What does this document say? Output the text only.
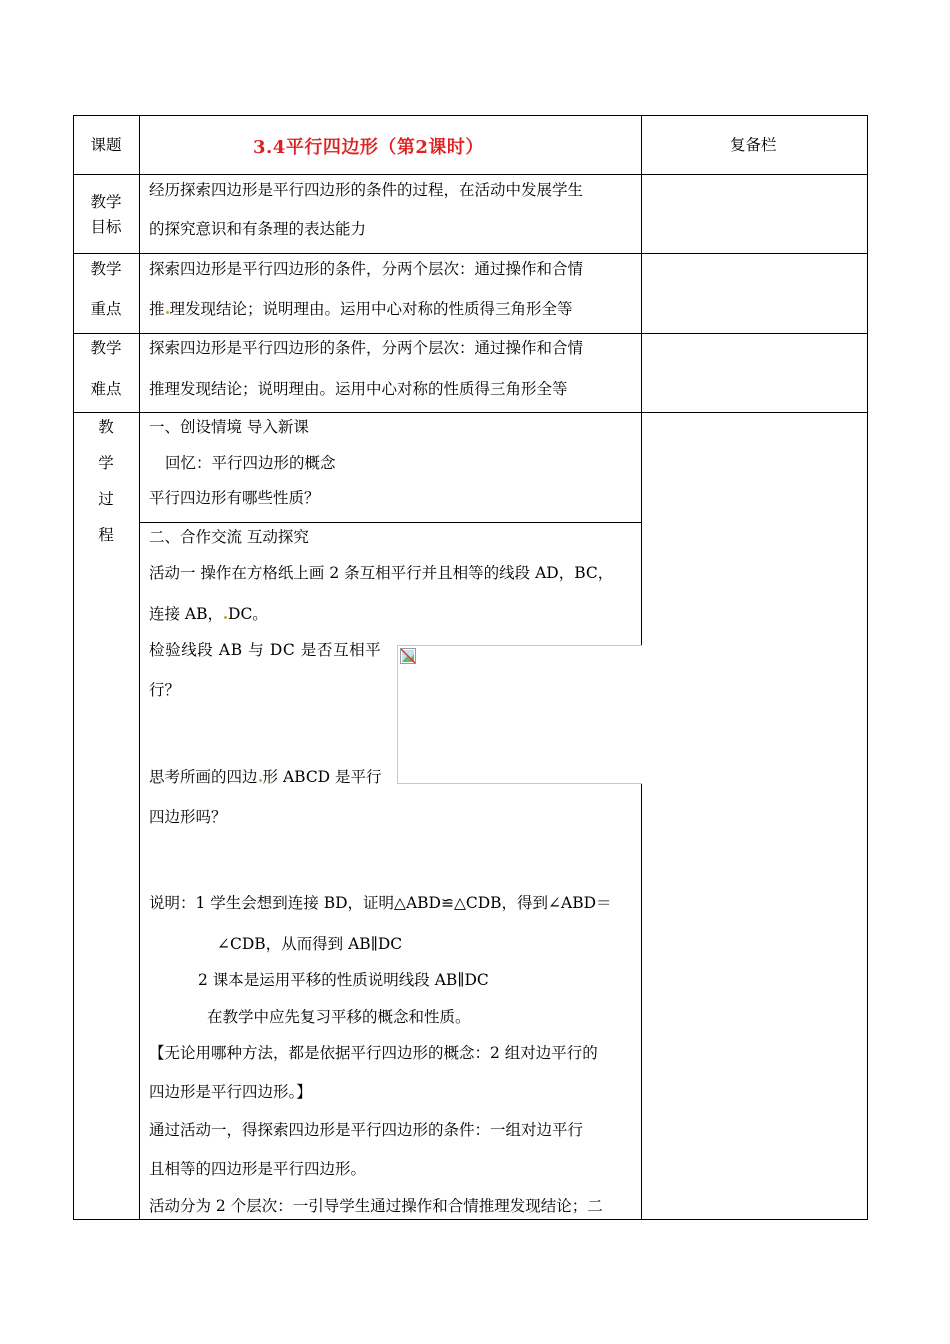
课题	3.4平行四边形（第2课时）	复备栏
教学
目标
经历探索四边形是平行四边形的条件的过程，在活动中发展学生
的探究意识和有条理的表达能力
教学
重点
探索四边形是平行四边形的条件，分两个层次：通过操作和合情
推 理发现结论；说明理由。运用中心对称的性质得三角形全等
教学
难点
探索四边形是平行四边形的条件，分两个层次：通过操作和合情
推理发现结论；说明理由。运用中心对称的性质得三角形全等
教
学
过
程
一、创设情境 导入新课
回忆：平行四边形的概念
平行四边形有哪些性质？
二、合作交流 互动探究
活动一 操作在方格纸上画 2 条互相平行并且相等的线段 AD，BC，
连接 AB， DC。
检验线段 AB 与 DC 是否互相平
行？
思考所画的四边 形 ABCD 是平行
四边形吗？
说明：1 学生会想到连接 BD，证明△ABD≌△CDB，得到∠ABD＝
∠CDB，从而得到 AB∥DC
2 课本是运用平移的性质说明线段 AB∥DC
在教学中应先复习平移的概念和性质。
【无论用哪种方法，都是依据平行四边形的概念：2 组对边平行的
四边形是平行四边形。】
通过活动一，得探索四边形是平行四边形的条件：一组对边平行
且相等的四边形是平行四边形。
活动分为 2 个层次：一引导学生通过操作和合情推理发现结论；二
